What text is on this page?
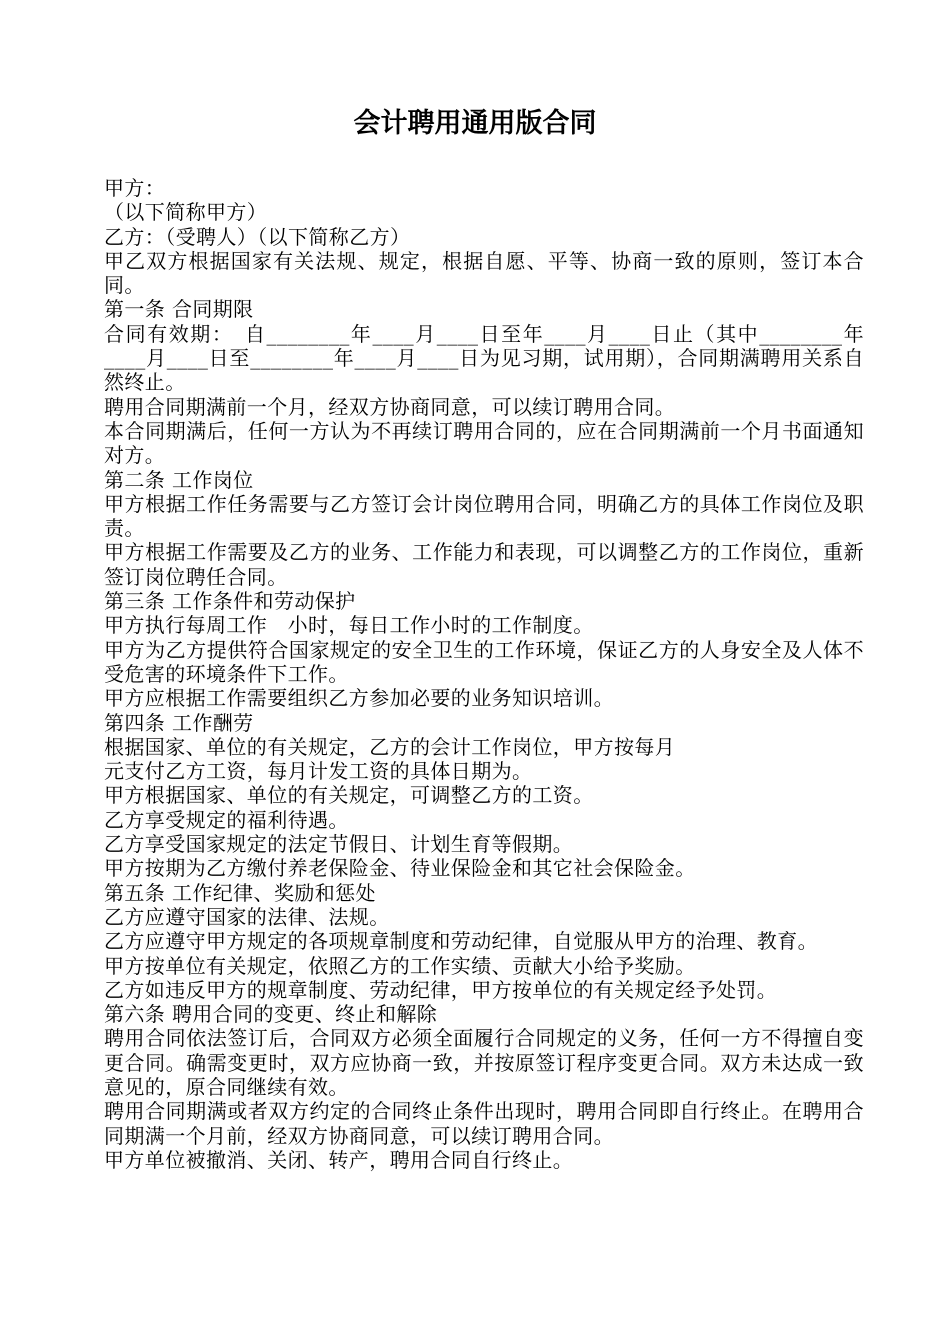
会计聘用通用版合同

甲方：

（以下简称甲方）

乙方：（受聘人）（以下简称乙方）

甲乙双方根据国家有关法规、规定，根据自愿、平等、协商一致的原则，签订本合同。

第一条 合同期限

合同有效期：　自________年____月____日至年____月____日止（其中________年____月____日至________年____月____日为见习期，试用期），合同期满聘用关系自然终止。

聘用合同期满前一个月，经双方协商同意，可以续订聘用合同。

本合同期满后，任何一方认为不再续订聘用合同的，应在合同期满前一个月书面通知对方。

第二条 工作岗位

甲方根据工作任务需要与乙方签订会计岗位聘用合同，明确乙方的具体工作岗位及职责。

甲方根据工作需要及乙方的业务、工作能力和表现，可以调整乙方的工作岗位，重新签订岗位聘任合同。

第三条 工作条件和劳动保护

甲方执行每周工作　小时，每日工作小时的工作制度。

甲方为乙方提供符合国家规定的安全卫生的工作环境，保证乙方的人身安全及人体不受危害的环境条件下工作。

甲方应根据工作需要组织乙方参加必要的业务知识培训。

第四条 工作酬劳

根据国家、单位的有关规定，乙方的会计工作岗位，甲方按每月

元支付乙方工资，每月计发工资的具体日期为。

甲方根据国家、单位的有关规定，可调整乙方的工资。

乙方享受规定的福利待遇。

乙方享受国家规定的法定节假日、计划生育等假期。

甲方按期为乙方缴付养老保险金、待业保险金和其它社会保险金。

第五条 工作纪律、奖励和惩处

乙方应遵守国家的法律、法规。

乙方应遵守甲方规定的各项规章制度和劳动纪律，自觉服从甲方的治理、教育。

甲方按单位有关规定，依照乙方的工作实绩、贡献大小给予奖励。

乙方如违反甲方的规章制度、劳动纪律，甲方按单位的有关规定经予处罚。

第六条 聘用合同的变更、终止和解除

聘用合同依法签订后，合同双方必须全面履行合同规定的义务，任何一方不得擅自变更合同。确需变更时，双方应协商一致，并按原签订程序变更合同。双方未达成一致意见的，原合同继续有效。

聘用合同期满或者双方约定的合同终止条件出现时，聘用合同即自行终止。在聘用合同期满一个月前，经双方协商同意，可以续订聘用合同。

甲方单位被撤消、关闭、转产，聘用合同自行终止。
